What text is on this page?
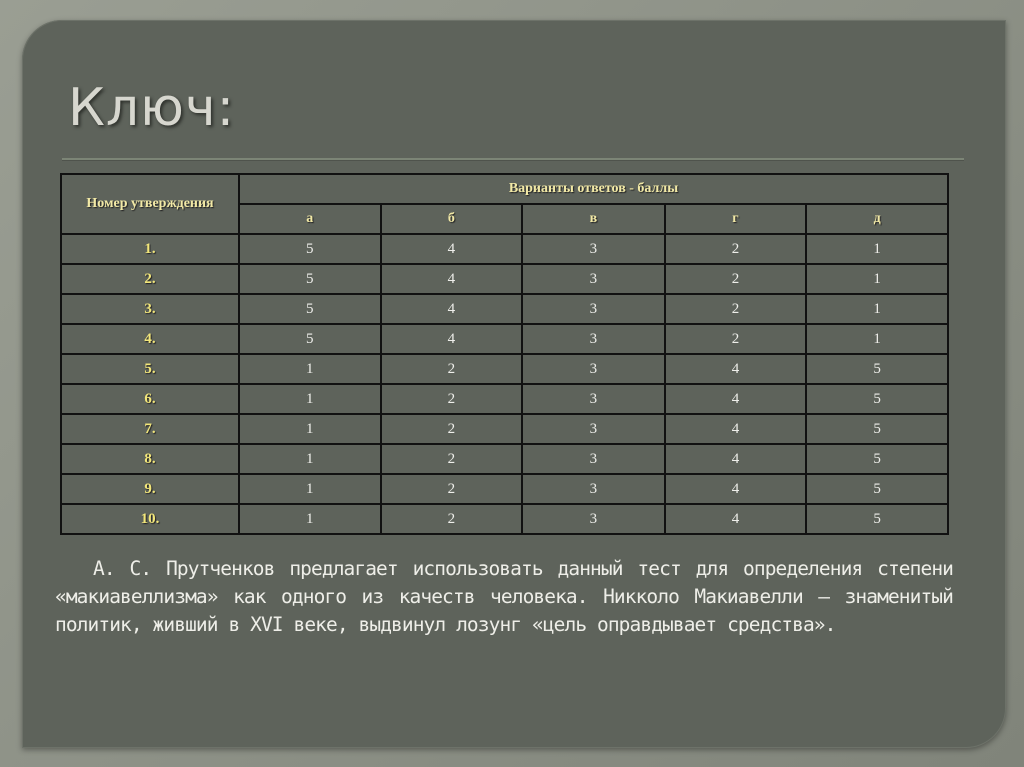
Ключ:
Номер утверждения	Варианты ответов - баллы				
	а	б	в	г	д
1.	5	4	3	2	1
2.	5	4	3	2	1
3.	5	4	3	2	1
4.	5	4	3	2	1
5.	1	2	3	4	5
6.	1	2	3	4	5
7.	1	2	3	4	5
8.	1	2	3	4	5
9.	1	2	3	4	5
10.	1	2	3	4	5
А. С. Прутченков предлагает использовать данный тест для определения степени «макиавеллизма» как одного из качеств человека. Никколо Макиавелли – знаменитый политик, живший в XVI веке, выдвинул лозунг «цель оправдывает средства».
